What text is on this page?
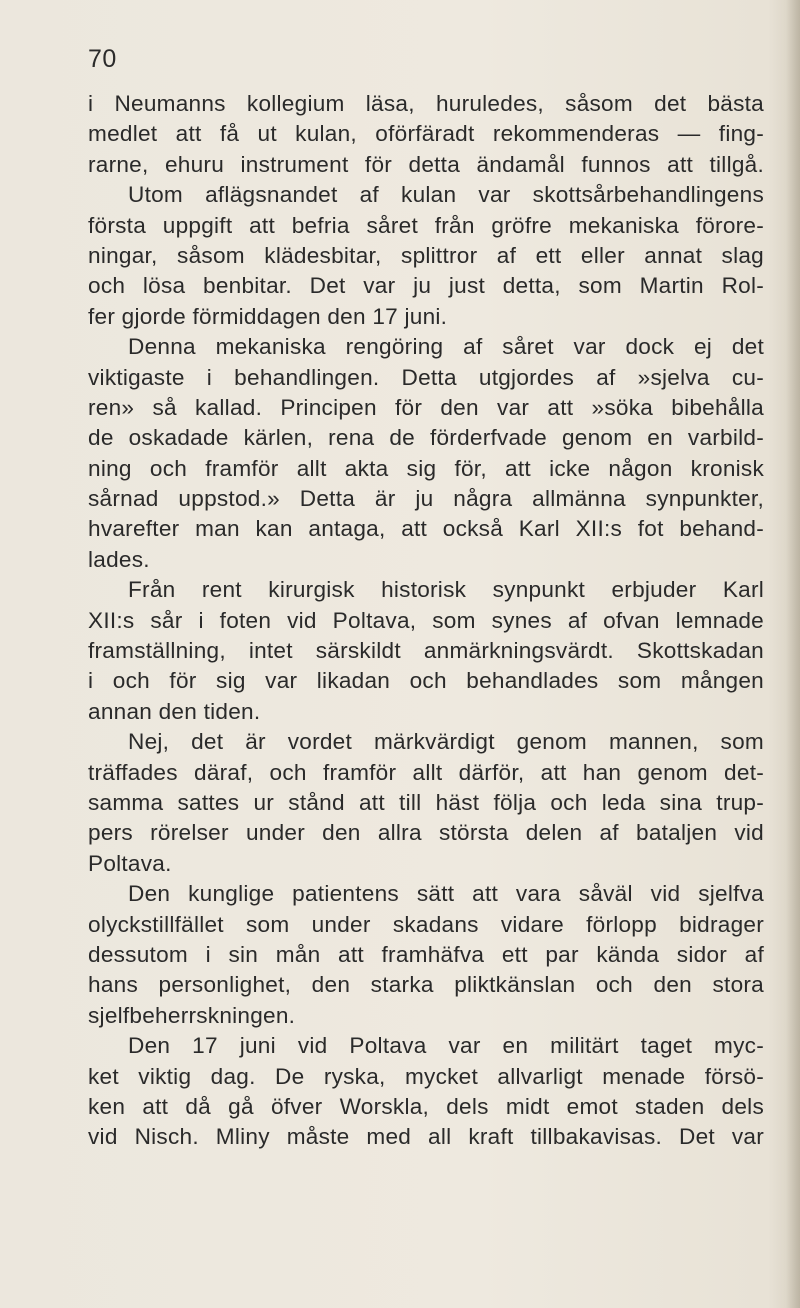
70
i Neumanns kollegium läsa, huruledes, såsom det bästa
medlet att få ut kulan, oförfäradt rekommenderas — fing-
rarne, ehuru instrument för detta ändamål funnos att tillgå.
Utom aflägsnandet af kulan var skottsårbehandlingens
första uppgift att befria såret från gröfre mekaniska förore-
ningar, såsom klädesbitar, splittror af ett eller annat slag
och lösa benbitar. Det var ju just detta, som Martin Rol-
fer gjorde förmiddagen den 17 juni.
Denna mekaniska rengöring af såret var dock ej det
viktigaste i behandlingen. Detta utgjordes af »sjelva cu-
ren» så kallad. Principen för den var att »söka bibehålla
de oskadade kärlen, rena de förderfvade genom en varbild-
ning och framför allt akta sig för, att icke någon kronisk
sårnad uppstod.» Detta är ju några allmänna synpunkter,
hvarefter man kan antaga, att också Karl XII:s fot behand-
lades.
Från rent kirurgisk historisk synpunkt erbjuder Karl
XII:s sår i foten vid Poltava, som synes af ofvan lemnade
framställning, intet särskildt anmärkningsvärdt. Skottskadan
i och för sig var likadan och behandlades som mången
annan den tiden.
Nej, det är vordet märkvärdigt genom mannen, som
träffades däraf, och framför allt därför, att han genom det-
samma sattes ur stånd att till häst följa och leda sina trup-
pers rörelser under den allra största delen af bataljen vid
Poltava.
Den kunglige patientens sätt att vara såväl vid sjelfva
olyckstillfället som under skadans vidare förlopp bidrager
dessutom i sin mån att framhäfva ett par kända sidor af
hans personlighet, den starka pliktkänslan och den stora
sjelfbeherrskningen.
Den 17 juni vid Poltava var en militärt taget myc-
ket viktig dag. De ryska, mycket allvarligt menade försö-
ken att då gå öfver Worskla, dels midt emot staden dels
vid Nisch. Mliny måste med all kraft tillbakavisas. Det var
